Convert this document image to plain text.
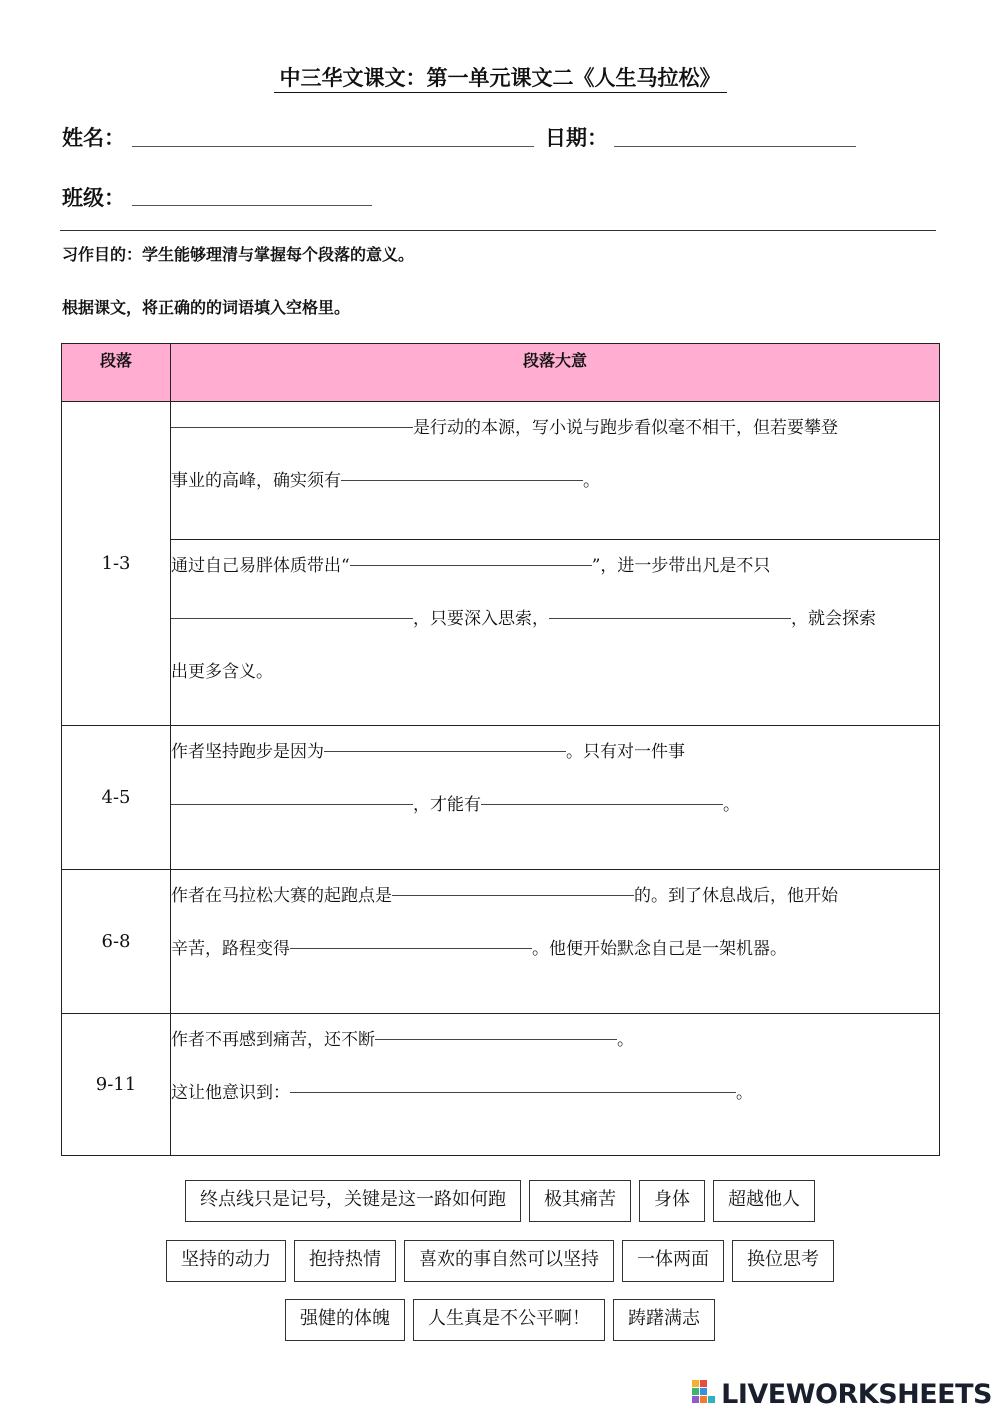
中三华文课文：第一单元课文二《人生马拉松》
姓名：	日期：
班级：
习作目的：学生能够理清与掌握每个段落的意义。
根据课文，将正确的的词语填入空格里。
段落	段落大意
1-3	是行动的本源，写小说与跑步看似毫不相干，但若要攀登
事业的高峰，确实须有 。
	通过自己易胖体质带出“ ”，进一步带出凡是不只
，只要深入思索， ，就会探索
出更多含义。
4-5	作者坚持跑步是因为 。只有对一件事
，才能有 。
6-8	作者在马拉松大赛的起跑点是 的。到了休息战后，他开始
辛苦，路程变得 。他便开始默念自己是一架机器。
9-11	作者不再感到痛苦，还不断 。
这让他意识到： 。
终点线只是记号，关键是这一路如何跑	极其痛苦	身体	超越他人
坚持的动力	抱持热情	喜欢的事自然可以坚持	一体两面	换位思考
强健的体魄	人生真是不公平啊！	踌躇满志
LIVEWORKSHEETS
